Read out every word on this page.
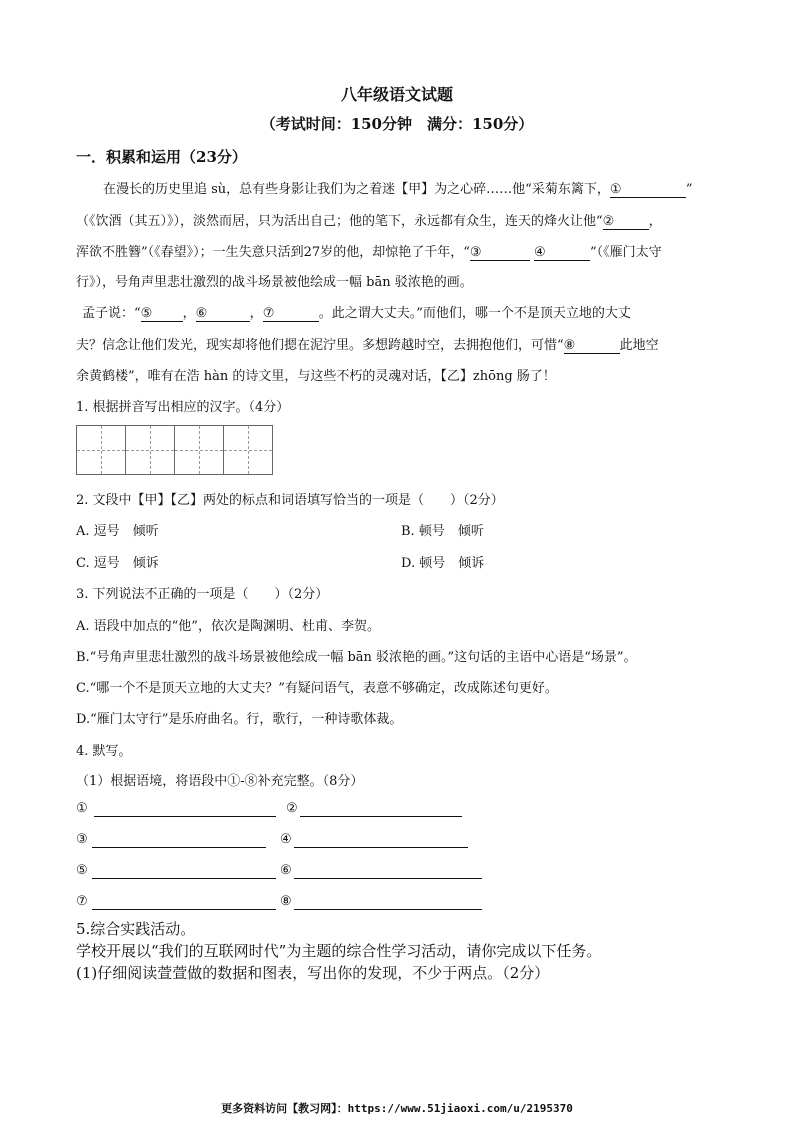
八年级语文试题
（考试时间：150分钟　满分：150分）
一．积累和运用（23分）
在漫长的历史里追 sù，总有些身影让我们为之着迷【甲】为之心碎……他“采菊东篱下，①	”
（《饮酒（其五）》），淡然而居，只为活出自己；他的笔下，永远都有众生，连天的烽火让他“②	，
浑欲不胜簪”（《春望》）；一生失意只活到27岁的他，却惊艳了千年，“③	④	”（《雁门太守
行》），号角声里悲壮激烈的战斗场景被他绘成一幅 bān 驳浓艳的画。
孟子说：“⑤ ，⑥	，⑦	。此之谓大丈夫。”而他们，哪一个不是顶天立地的大丈
夫？信念让他们发光，现实却将他们摁在泥泞里。多想跨越时空，去拥抱他们，可惜“⑧	此地空
余黄鹤楼”，唯有在浩 hàn 的诗文里，与这些不朽的灵魂对话，【乙】zhōng 肠了！
1. 根据拼音写出相应的汉字。（4分）
2. 文段中【甲】【乙】两处的标点和词语填写恰当的一项是（　　）（2分）
A. 逗号　倾听	B. 顿号　倾听
C. 逗号　倾诉	D. 顿号　倾诉
3. 下列说法不正确的一项是（　　）（2分）
A. 语段中加点的“他”，依次是陶渊明、杜甫、李贺。
B.“号角声里悲壮激烈的战斗场景被他绘成一幅 bān 驳浓艳的画。”这句话的主语中心语是“场景”。
C.“哪一个不是顶天立地的大丈夫？”有疑问语气，表意不够确定，改成陈述句更好。
D.“雁门太守行”是乐府曲名。行，歌行，一种诗歌体裁。
4. 默写。
（1）根据语境，将语段中①-⑧补充完整。（8分）
①	②
③	④
⑤	⑥
⑦	⑧
5.综合实践活动。
学校开展以“我们的互联网时代”为主题的综合性学习活动，请你完成以下任务。
(1)仔细阅读萱萱做的数据和图表，写出你的发现，不少于两点。（2分）
更多资料访问【教习网】：https://www.51jiaoxi.com/u/2195370
